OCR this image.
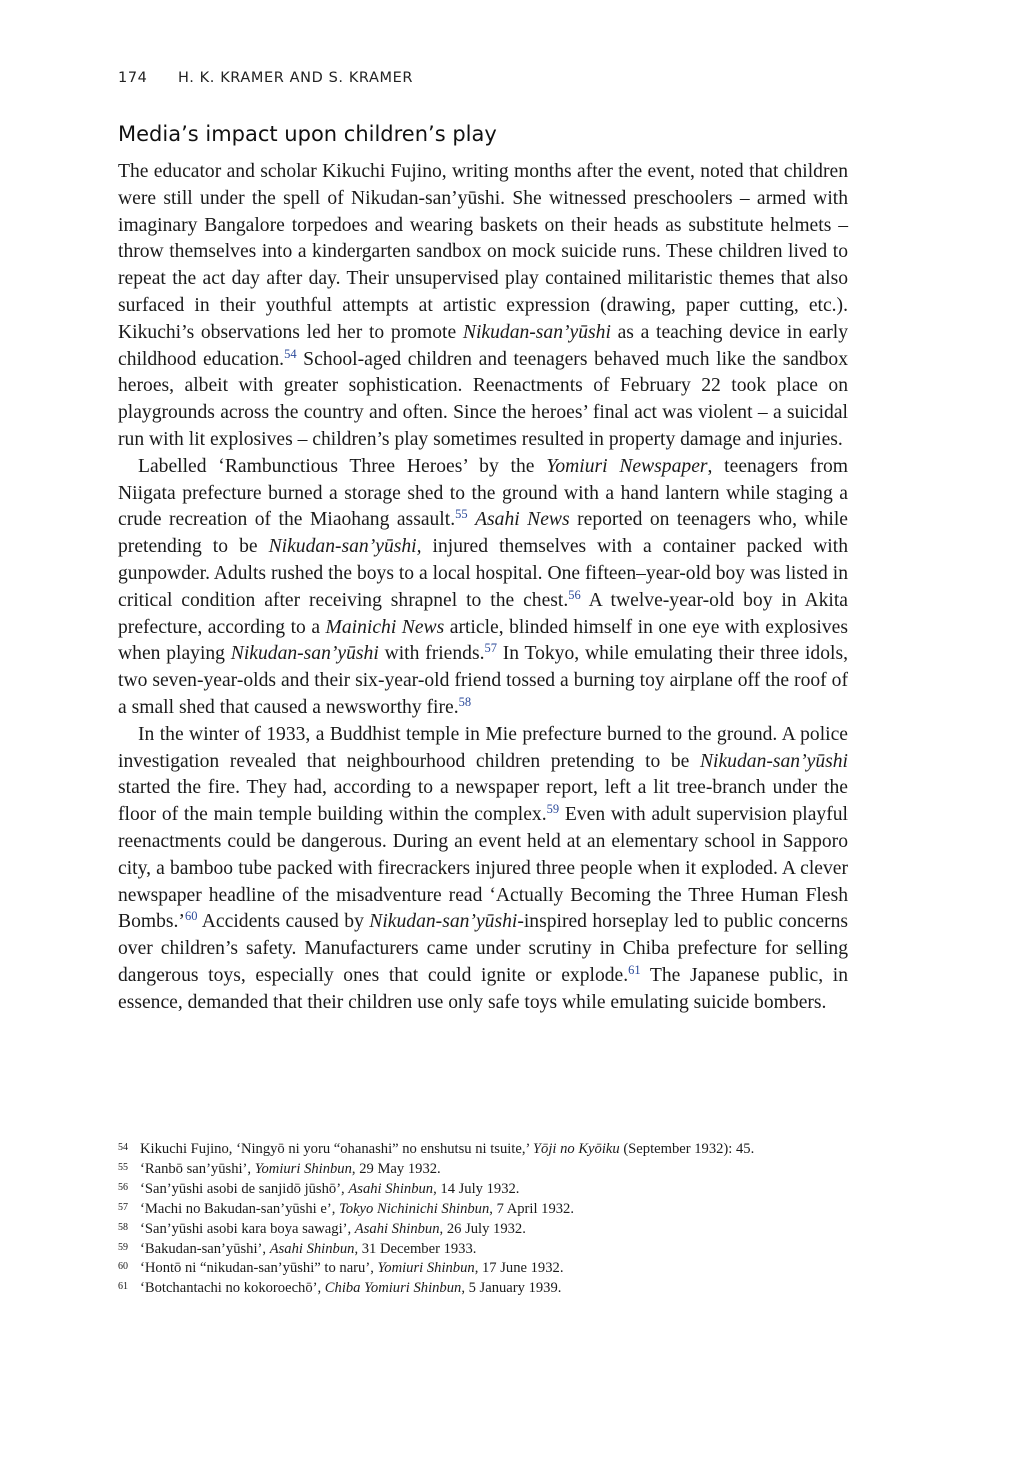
174 H. K. KRAMER AND S. KRAMER
Media’s impact upon children’s play

The educator and scholar Kikuchi Fujino, writing months after the event, noted that children were still under the spell of Nikudan-san’yūshi. She witnessed preschoolers – armed with imaginary Bangalore torpedoes and wearing baskets on their heads as substitute helmets – throw themselves into a kindergarten sandbox on mock suicide runs. These children lived to repeat the act day after day. Their unsupervised play contained militaristic themes that also surfaced in their youthful attempts at artistic expression (drawing, paper cutting, etc.). Kikuchi’s observations led her to promote Nikudan-san’yūshi as a teaching device in early childhood education.$^{54}$ School-aged children and teenagers behaved much like the sandbox heroes, albeit with greater sophistication. Reenactments of February 22 took place on playgrounds across the country and often. Since the heroes’ final act was violent – a suicidal run with lit explosives – children’s play sometimes resulted in property damage and injuries.

Labelled ‘Rambunctious Three Heroes’ by the Yomiuri Newspaper, teenagers from Niigata prefecture burned a storage shed to the ground with a hand lantern while staging a crude recreation of the Miaohang assault.$^{55}$ Asahi News reported on teenagers who, while pretending to be Nikudan-san’yūshi, injured themselves with a container packed with gunpowder. Adults rushed the boys to a local hospital. One fifteen–year-old boy was listed in critical condition after receiving shrapnel to the chest.$^{56}$ A twelve-year-old boy in Akita prefecture, according to a Mainichi News article, blinded himself in one eye with explosives when playing Nikudan-san’yūshi with friends.$^{57}$ In Tokyo, while emulating their three idols, two seven-year-olds and their six-year-old friend tossed a burning toy airplane off the roof of a small shed that caused a newsworthy fire.$^{58}$

In the winter of 1933, a Buddhist temple in Mie prefecture burned to the ground. A police investigation revealed that neighbourhood children pretending to be Nikudan-san’yūshi started the fire. They had, according to a newspaper report, left a lit tree-branch under the floor of the main temple building within the complex.$^{59}$ Even with adult supervision playful reenactments could be dangerous. During an event held at an elementary school in Sapporo city, a bamboo tube packed with firecrackers injured three people when it exploded. A clever newspaper headline of the misadventure read ‘Actually Becoming the Three Human Flesh Bombs.’$^{60}$ Accidents caused by Nikudan-san’yūshi-inspired horseplay led to public concerns over children’s safety. Manufacturers came under scrutiny in Chiba prefecture for selling dangerous toys, especially ones that could ignite or explode.$^{61}$ The Japanese public, in essence, demanded that their children use only safe toys while emulating suicide bombers.

54 Kikuchi Fujino, ‘Ningyō ni yoru “ohanashi” no enshutsu ni tsuite,’ Yōji no Kyōiku (September 1932): 45.

55 ‘Ranbō san’yūshi’, Yomiuri Shinbun, 29 May 1932.

56 ‘San’yūshi asobi de sanjidō jūshō’, Asahi Shinbun, 14 July 1932.

57 ‘Machi no Bakudan-san’yūshi e’, Tokyo Nichinichi Shinbun, 7 April 1932.

58 ‘San’yūshi asobi kara boya sawagi’, Asahi Shinbun, 26 July 1932.

59 ‘Bakudan-san’yūshi’, Asahi Shinbun, 31 December 1933.

60 ‘Hontō ni “nikudan-san’yūshi” to naru’, Yomiuri Shinbun, 17 June 1932.

61 ‘Botchantachi no kokoroechō’, Chiba Yomiuri Shinbun, 5 January 1939.
